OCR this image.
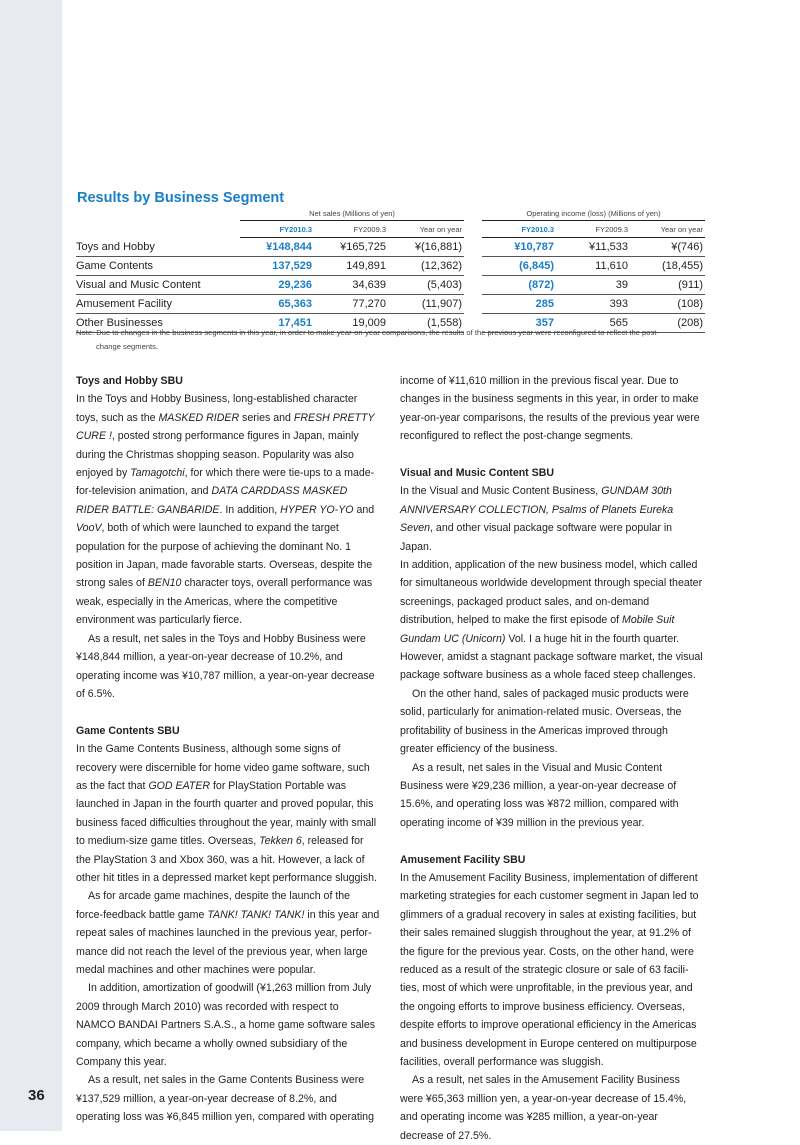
36
Results by Business Segment
	Net sales (Millions of yen)				Operating income (loss) (Millions of yen)		
	FY2010.3	FY2009.3	Year on year		FY2010.3	FY2009.3	Year on year
Toys and Hobby	¥148,844	¥165,725	¥(16,881)		¥10,787	¥11,533	¥(746)
Game Contents	137,529	149,891	(12,362)		(6,845)	11,610	(18,455)
Visual and Music Content	29,236	34,639	(5,403)		(872)	39	(911)
Amusement Facility	65,363	77,270	(11,907)		285	393	(108)
Other Businesses	17,451	19,009	(1,558)		357	565	(208)
Note: Due to changes in the business segments in this year, in order to make year-on-year comparisons, the results of the previous year were reconfigured to reflect the post-
change segments.
Toys and Hobby SBU

In the Toys and Hobby Business, long-established character toys, such as the MASKED RIDER series and FRESH PRETTY CURE !, posted strong performance figures in Japan, mainly during the Christmas shopping season. Popularity was also enjoyed by Tamagotchi, for which there were tie-ups to a made-for-television animation, and DATA CARDDASS MASKED RIDER BATTLE: GANBARIDE. In addition, HYPER YO-YO and VooV, both of which were launched to expand the target population for the purpose of achieving the dominant No. 1 position in Japan, made favorable starts. Overseas, despite the strong sales of BEN10 character toys, overall performance was weak, especially in the Americas, where the competitive environment was particularly fierce.

As a result, net sales in the Toys and Hobby Business were ¥148,844 million, a year-on-year decrease of 10.2%, and operating income was ¥10,787 million, a year-on-year decrease of 6.5%.

Game Contents SBU

In the Game Contents Business, although some signs of recovery were discernible for home video game software, such as the fact that GOD EATER for PlayStation Portable was launched in Japan in the fourth quarter and proved popular, this business faced difficulties throughout the year, mainly with small to medium-size game titles. Overseas, Tekken 6, released for the PlayStation 3 and Xbox 360, was a hit. However, a lack of other hit titles in a depressed market kept performance sluggish.

As for arcade game machines, despite the launch of the force-feedback battle game TANK! TANK! TANK! in this year and repeat sales of machines launched in the previous year, perfor-mance did not reach the level of the previous year, when large medal machines and other machines were popular.

In addition, amortization of goodwill (¥1,263 million from July 2009 through March 2010) was recorded with respect to NAMCO BANDAI Partners S.A.S., a home game software sales company, which became a wholly owned subsidiary of the Company this year.

As a result, net sales in the Game Contents Business were ¥137,529 million, a year-on-year decrease of 8.2%, and operating loss was ¥6,845 million yen, compared with operating

income of ¥11,610 million in the previous fiscal year. Due to changes in the business segments in this year, in order to make year-on-year comparisons, the results of the previous year were reconfigured to reflect the post-change segments.

Visual and Music Content SBU

In the Visual and Music Content Business, GUNDAM 30th ANNIVERSARY COLLECTION, Psalms of Planets Eureka Seven, and other visual package software were popular in Japan.

In addition, application of the new business model, which called for simultaneous worldwide development through special theater screenings, packaged product sales, and on-demand distribution, helped to make the first episode of Mobile Suit Gundam UC (Unicorn) Vol. I a huge hit in the fourth quarter. However, amidst a stagnant package software market, the visual package software business as a whole faced steep challenges.

On the other hand, sales of packaged music products were solid, particularly for animation-related music. Overseas, the profitability of business in the Americas improved through greater efficiency of the business.

As a result, net sales in the Visual and Music Content Business were ¥29,236 million, a year-on-year decrease of 15.6%, and operating loss was ¥872 million, compared with operating income of ¥39 million in the previous year.

Amusement Facility SBU

In the Amusement Facility Business, implementation of different marketing strategies for each customer segment in Japan led to glimmers of a gradual recovery in sales at existing facilities, but their sales remained sluggish throughout the year, at 91.2% of the figure for the previous year. Costs, on the other hand, were reduced as a result of the strategic closure or sale of 63 facili-ties, most of which were unprofitable, in the previous year, and the ongoing efforts to improve business efficiency. Overseas, despite efforts to improve operational efficiency in the Americas and business development in Europe centered on multipurpose facilities, overall performance was sluggish.

As a result, net sales in the Amusement Facility Business were ¥65,363 million yen, a year-on-year decrease of 15.4%, and operating income was ¥285 million, a year-on-year decrease of 27.5%.
